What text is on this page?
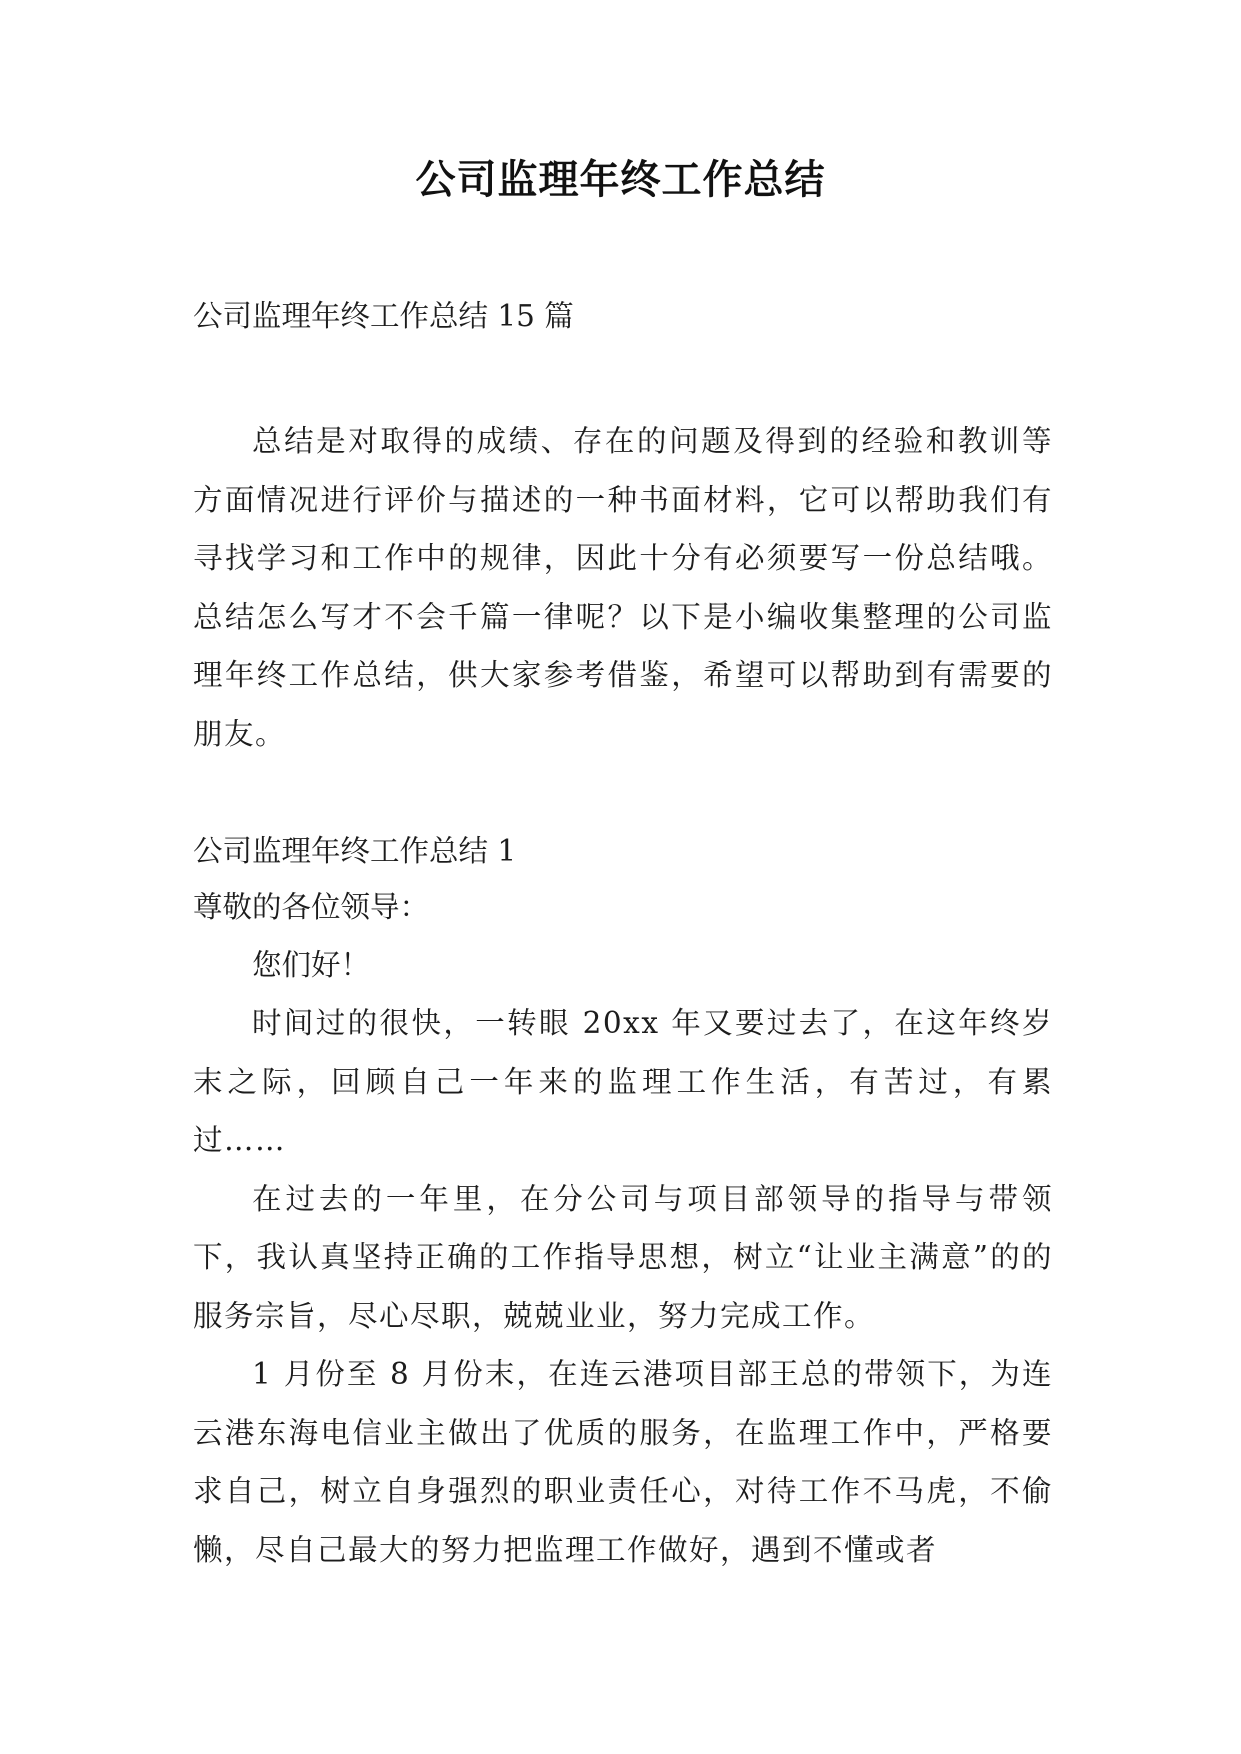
公司监理年终工作总结

公司监理年终工作总结 15 篇

总结是对取得的成绩、存在的问题及得到的经验和教训等方面情况进行评价与描述的一种书面材料，它可以帮助我们有寻找学习和工作中的规律，因此十分有必须要写一份总结哦。总结怎么写才不会千篇一律呢？以下是小编收集整理的公司监理年终工作总结，供大家参考借鉴，希望可以帮助到有需要的朋友。

公司监理年终工作总结 1

尊敬的各位领导：

您们好！

时间过的很快，一转眼 20xx 年又要过去了，在这年终岁末之际，回顾自己一年来的监理工作生活，有苦过，有累过……

在过去的一年里，在分公司与项目部领导的指导与带领下，我认真坚持正确的工作指导思想，树立“让业主满意”的的服务宗旨，尽心尽职，兢兢业业，努力完成工作。

1 月份至 8 月份末，在连云港项目部王总的带领下，为连云港东海电信业主做出了优质的服务，在监理工作中，严格要求自己，树立自身强烈的职业责任心，对待工作不马虎，不偷懒，尽自己最大的努力把监理工作做好，遇到不懂或者
